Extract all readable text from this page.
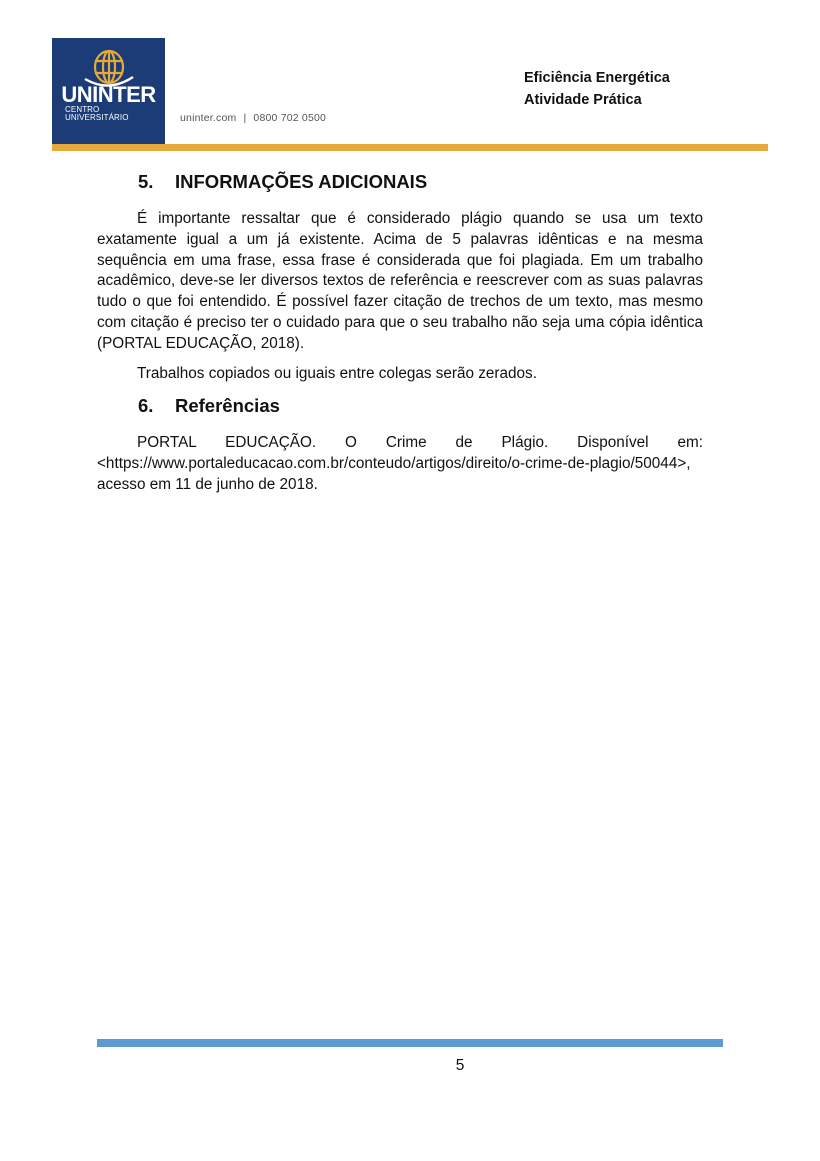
UNINTER
CENTRO
UNIVERSITÁRIO	uninter.com | 0800 702 0500
Eficiência Energética
Atividade Prática
5. INFORMAÇÕES ADICIONAIS

É importante ressaltar que é considerado plágio quando se usa um texto exatamente igual a um já existente. Acima de 5 palavras idênticas e na mesma sequência em uma frase, essa frase é considerada que foi plagiada. Em um trabalho acadêmico, deve-se ler diversos textos de referência e reescrever com as suas palavras tudo o que foi entendido. É possível fazer citação de trechos de um texto, mas mesmo com citação é preciso ter o cuidado para que o seu trabalho não seja uma cópia idêntica (PORTAL EDUCAÇÃO, 2018).

Trabalhos copiados ou iguais entre colegas serão zerados.

6. Referências

PORTAL EDUCAÇÃO. O Crime de Plágio. Disponível em: <https://www.portaleducacao.com.br/conteudo/artigos/direito/o-crime-de-plagio/50044>, acesso em 11 de junho de 2018.

5
